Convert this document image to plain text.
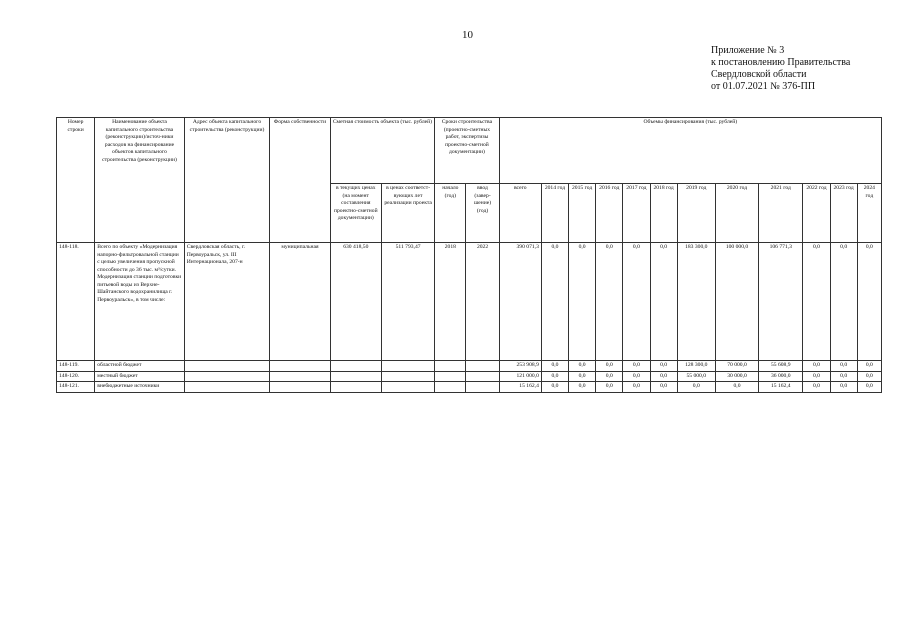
10
Приложение № 3
к постановлению Правительства
Свердловской области
от 01.07.2021 № 376-ПП
Номер строки	Наименование объекта капитального строительства (реконструкции)/источ-ники расходов на финансирование объектов капитального строительства (реконструкции)	Адрес объекта капитального строительства (реконструкции)	Форма собственности	Сметная стоимость объекта (тыс. рублей)		Сроки строительства (проектно-сметных работ, экспертизы проектно-сметной документации)		Объемы финансирования (тыс. рублей)											
				в текущих ценах (на момент составления проектно-сметной документации)	в ценах соответст-вующих лет реализации проекта	начало (год)	ввод (завер-шение) (год)	всего	2014 год	2015 год	2016 год	2017 год	2018 год	2019 год	2020 год	2021 год	2022 год	2023 год	2024 год
148-118.	Всего по объекту «Модернизация напорно-фильтровальной станции с целью увеличения пропускной способности до 36 тыс. м³/сутки. Модернизация станции подготовки питьевой воды из Верхне-Шайтанского водохранилища г. Первоуральск», в том числе:	Свердловская область, г. Первоуральск, ул. III Интернационала, 207-н	муниципальная	630 418,50	511 793,47	2018	2022	390 071,3	0,0	0,0	0,0	0,0	0,0	183 300,0	100 000,0	106 771,3	0,0	0,0	0,0
148-119.	областной бюджет							253 908,9	0,0	0,0	0,0	0,0	0,0	128 300,0	70 000,0	55 608,9	0,0	0,0	0,0
148-120.	местный бюджет							121 000,0	0,0	0,0	0,0	0,0	0,0	55 000,0	30 000,0	36 000,0	0,0	0,0	0,0
148-121.	внебюджетные источники							15 162,4	0,0	0,0	0,0	0,0	0,0	0,0	0,0	15 162,4	0,0	0,0	0,0
